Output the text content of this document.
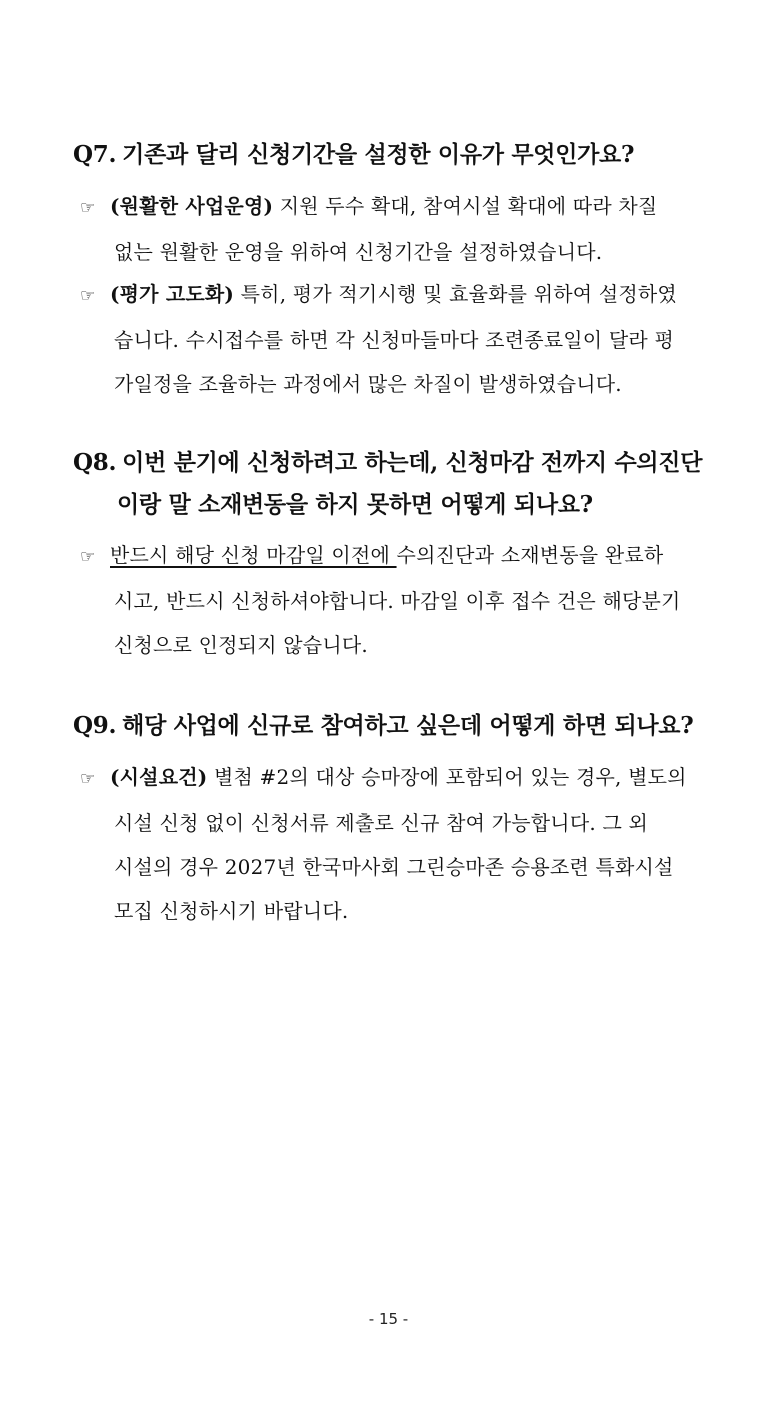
Q7. 기존과 달리 신청기간을 설정한 이유가 무엇인가요?
☞ (원활한 사업운영) 지원 두수 확대, 참여시설 확대에 따라 차질
없는 원활한 운영을 위하여 신청기간을 설정하였습니다.
☞ (평가 고도화) 특히, 평가 적기시행 및 효율화를 위하여 설정하였
습니다. 수시접수를 하면 각 신청마들마다 조련종료일이 달라 평
가일정을 조율하는 과정에서 많은 차질이 발생하였습니다.
Q8. 이번 분기에 신청하려고 하는데, 신청마감 전까지 수의진단
이랑 말 소재변동을 하지 못하면 어떻게 되나요?
☞ 반드시 해당 신청 마감일 이전에 수의진단과 소재변동을 완료하
시고, 반드시 신청하셔야합니다. 마감일 이후 접수 건은 해당분기
신청으로 인정되지 않습니다.
Q9. 해당 사업에 신규로 참여하고 싶은데 어떻게 하면 되나요?
☞ (시설요건) 별첨 #2의 대상 승마장에 포함되어 있는 경우, 별도의
시설 신청 없이 신청서류 제출로 신규 참여 가능합니다. 그 외
시설의 경우 2027년 한국마사회 그린승마존 승용조련 특화시설
모집 신청하시기 바랍니다.
- 15 -
